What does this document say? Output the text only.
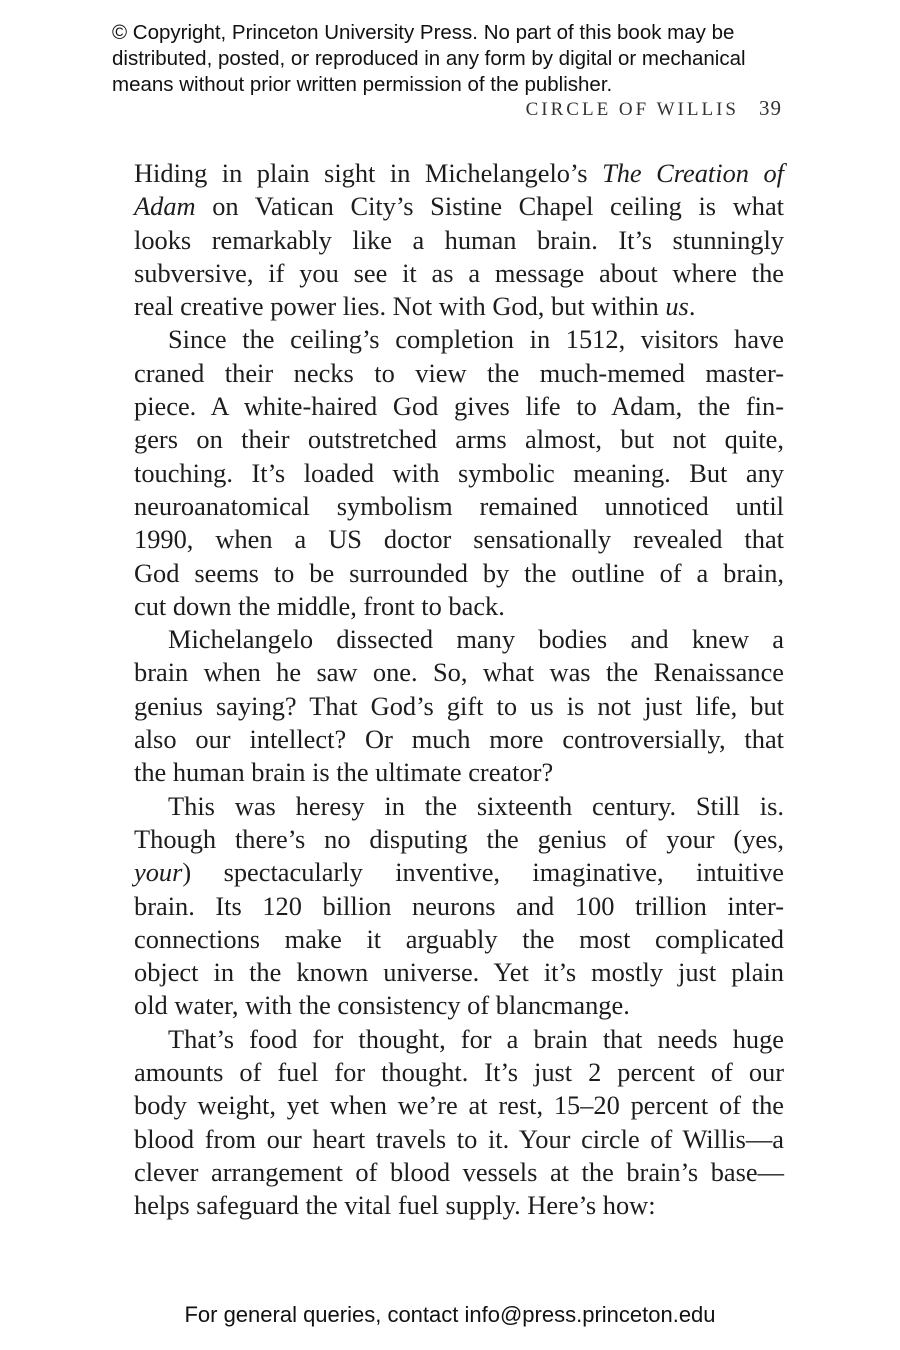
© Copyright, Princeton University Press. No part of this book may be
distributed, posted, or reproduced in any form by digital or mechanical
means without prior written permission of the publisher.
CIRCLE OF WILLIS 39
Hiding in plain sight in Michelangelo’s The Creation of
Adam on Vatican City’s Sistine Chapel ceiling is what
looks remarkably like a human brain. It’s stunningly
subversive, if you see it as a message about where the
real creative power lies. Not with God, but within us.
Since the ceiling’s completion in 1512, visitors have
craned their necks to view the much-memed master-
piece. A white-haired God gives life to Adam, the fin-
gers on their outstretched arms almost, but not quite,
touching. It’s loaded with symbolic meaning. But any
neuroanatomical symbolism remained unnoticed until
1990, when a US doctor sensationally revealed that
God seems to be surrounded by the outline of a brain,
cut down the middle, front to back.
Michelangelo dissected many bodies and knew a
brain when he saw one. So, what was the Renaissance
genius saying? That God’s gift to us is not just life, but
also our intellect? Or much more controversially, that
the human brain is the ultimate creator?
This was heresy in the sixteenth century. Still is.
Though there’s no disputing the genius of your (yes,
your) spectacularly inventive, imaginative, intuitive
brain. Its 120 billion neurons and 100 trillion inter-
connections make it arguably the most complicated
object in the known universe. Yet it’s mostly just plain
old water, with the consistency of blancmange.
That’s food for thought, for a brain that needs huge
amounts of fuel for thought. It’s just 2 percent of our
body weight, yet when we’re at rest, 15–20 percent of the
blood from our heart travels to it. Your circle of Willis—a
clever arrangement of blood vessels at the brain’s base—
helps safeguard the vital fuel supply. Here’s how:
For general queries, contact info@press.princeton.edu
